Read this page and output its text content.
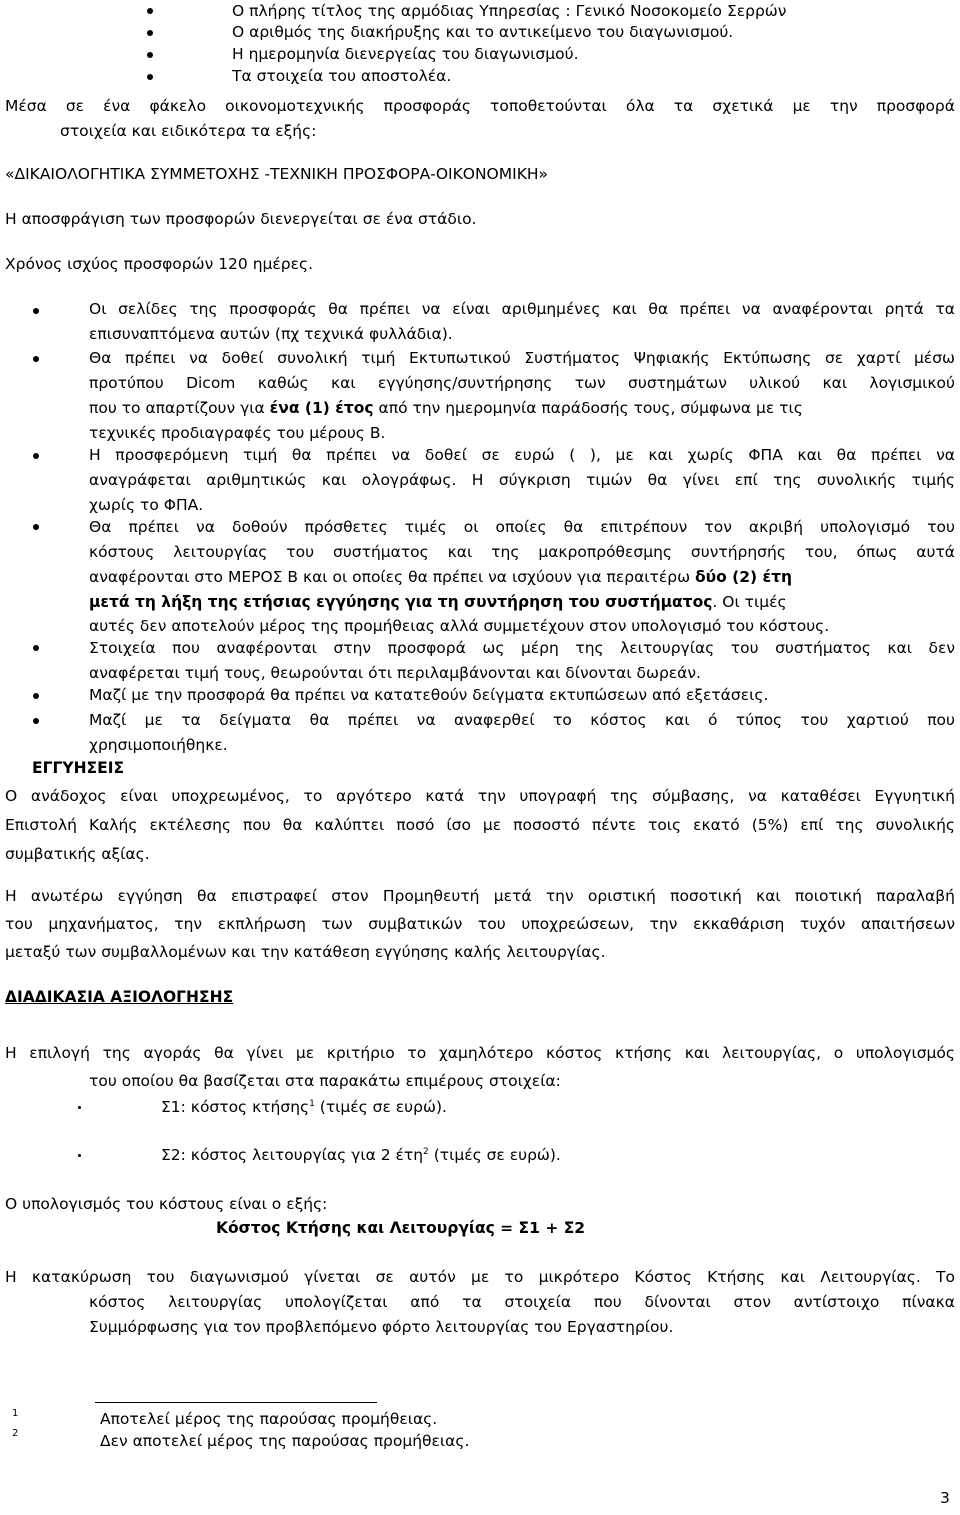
Ο πλήρης τίτλος της αρμόδιας Υπηρεσίας : Γενικό Νοσοκομείο Σερρών
Ο αριθμός της διακήρυξης και το αντικείμενο του διαγωνισμού.
Η ημερομηνία διενεργείας του διαγωνισμού.
Τα στοιχεία του αποστολέα.
Μέσα σε ένα φάκελο οικονομοτεχνικής προσφοράς τοποθετούνται όλα τα σχετικά με την προσφορά
στοιχεία και ειδικότερα τα εξής:
«ΔΙΚΑΙΟΛΟΓΗΤΙΚΑ ΣΥΜΜΕΤΟΧΗΣ -ΤΕΧΝΙΚΗ ΠΡΟΣΦΟΡΑ-ΟΙΚΟΝΟΜΙΚΗ»
Η αποσφράγιση των προσφορών διενεργείται σε ένα στάδιο.
Χρόνος ισχύος προσφορών 120 ημέρες.
Οι σελίδες της προσφοράς θα πρέπει να είναι αριθμημένες και θα πρέπει να αναφέρονται ρητά τα
επισυναπτόμενα αυτών (πχ τεχνικά φυλλάδια).
Θα πρέπει να δοθεί συνολική τιμή Εκτυπωτικού Συστήματος Ψηφιακής Εκτύπωσης σε χαρτί μέσω
προτύπου Dicom καθώς και εγγύησης/συντήρησης των συστημάτων υλικού και λογισμικού
που το απαρτίζουν για ένα (1) έτος από την ημερομηνία παράδοσής τους, σύμφωνα με τις
τεχνικές προδιαγραφές του μέρους Β.
Η προσφερόμενη τιμή θα πρέπει να δοθεί σε ευρώ ( ), με και χωρίς ΦΠΑ και θα πρέπει να
αναγράφεται αριθμητικώς και ολογράφως. Η σύγκριση τιμών θα γίνει επί της συνολικής τιμής
χωρίς το ΦΠΑ.
Θα πρέπει να δοθούν πρόσθετες τιμές οι οποίες θα επιτρέπουν τον ακριβή υπολογισμό του
κόστους λειτουργίας του συστήματος και της μακροπρόθεσμης συντήρησής του, όπως αυτά
αναφέρονται στο ΜΕΡΟΣ Β και οι οποίες θα πρέπει να ισχύουν για περαιτέρω δύο (2) έτη
μετά τη λήξη της ετήσιας εγγύησης για τη συντήρηση του συστήματος. Οι τιμές
αυτές δεν αποτελούν μέρος της προμήθειας αλλά συμμετέχουν στον υπολογισμό του κόστους.
Στοιχεία που αναφέρονται στην προσφορά ως μέρη της λειτουργίας του συστήματος και δεν
αναφέρεται τιμή τους, θεωρούνται ότι περιλαμβάνονται και δίνονται δωρεάν.
Μαζί με την προσφορά θα πρέπει να κατατεθούν δείγματα εκτυπώσεων από εξετάσεις.
Μαζί με τα δείγματα θα πρέπει να αναφερθεί το κόστος και ό τύπος του χαρτιού που
χρησιμοποιήθηκε.
ΕΓΓΥΗΣΕΙΣ
Ο ανάδοχος είναι υποχρεωμένος, το αργότερο κατά την υπογραφή της σύμβασης, να καταθέσει Εγγυητική
Επιστολή Καλής εκτέλεσης που θα καλύπτει ποσό ίσο με ποσοστό πέντε τοις εκατό (5%) επί της συνολικής
συμβατικής αξίας.
Η ανωτέρω εγγύηση θα επιστραφεί στον Προμηθευτή μετά την οριστική ποσοτική και ποιοτική παραλαβή
του μηχανήματος, την εκπλήρωση των συμβατικών του υποχρεώσεων, την εκκαθάριση τυχόν απαιτήσεων
μεταξύ των συμβαλλομένων και την κατάθεση εγγύησης καλής λειτουργίας.
ΔΙΑΔΙΚΑΣΙΑ ΑΞΙΟΛΟΓΗΣΗΣ
Η επιλογή της αγοράς θα γίνει με κριτήριο το χαμηλότερο κόστος κτήσης και λειτουργίας, ο υπολογισμός
του οποίου θα βασίζεται στα παρακάτω επιμέρους στοιχεία:
Σ1: κόστος κτήσης$^1$ (τιμές σε ευρώ).
Σ2: κόστος λειτουργίας για 2 έτη$^2$ (τιμές σε ευρώ).
Ο υπολογισμός του κόστους είναι ο εξής:
Κόστος Κτήσης και Λειτουργίας = Σ1 + Σ2
Η κατακύρωση του διαγωνισμού γίνεται σε αυτόν με το μικρότερο Κόστος Κτήσης και Λειτουργίας. Το
κόστος λειτουργίας υπολογίζεται από τα στοιχεία που δίνονται στον αντίστοιχο πίνακα
Συμμόρφωσης για τον προβλεπόμενο φόρτο λειτουργίας του Εργαστηρίου.
1	Αποτελεί μέρος της παρούσας προμήθειας.
2	Δεν αποτελεί μέρος της παρούσας προμήθειας.
3
